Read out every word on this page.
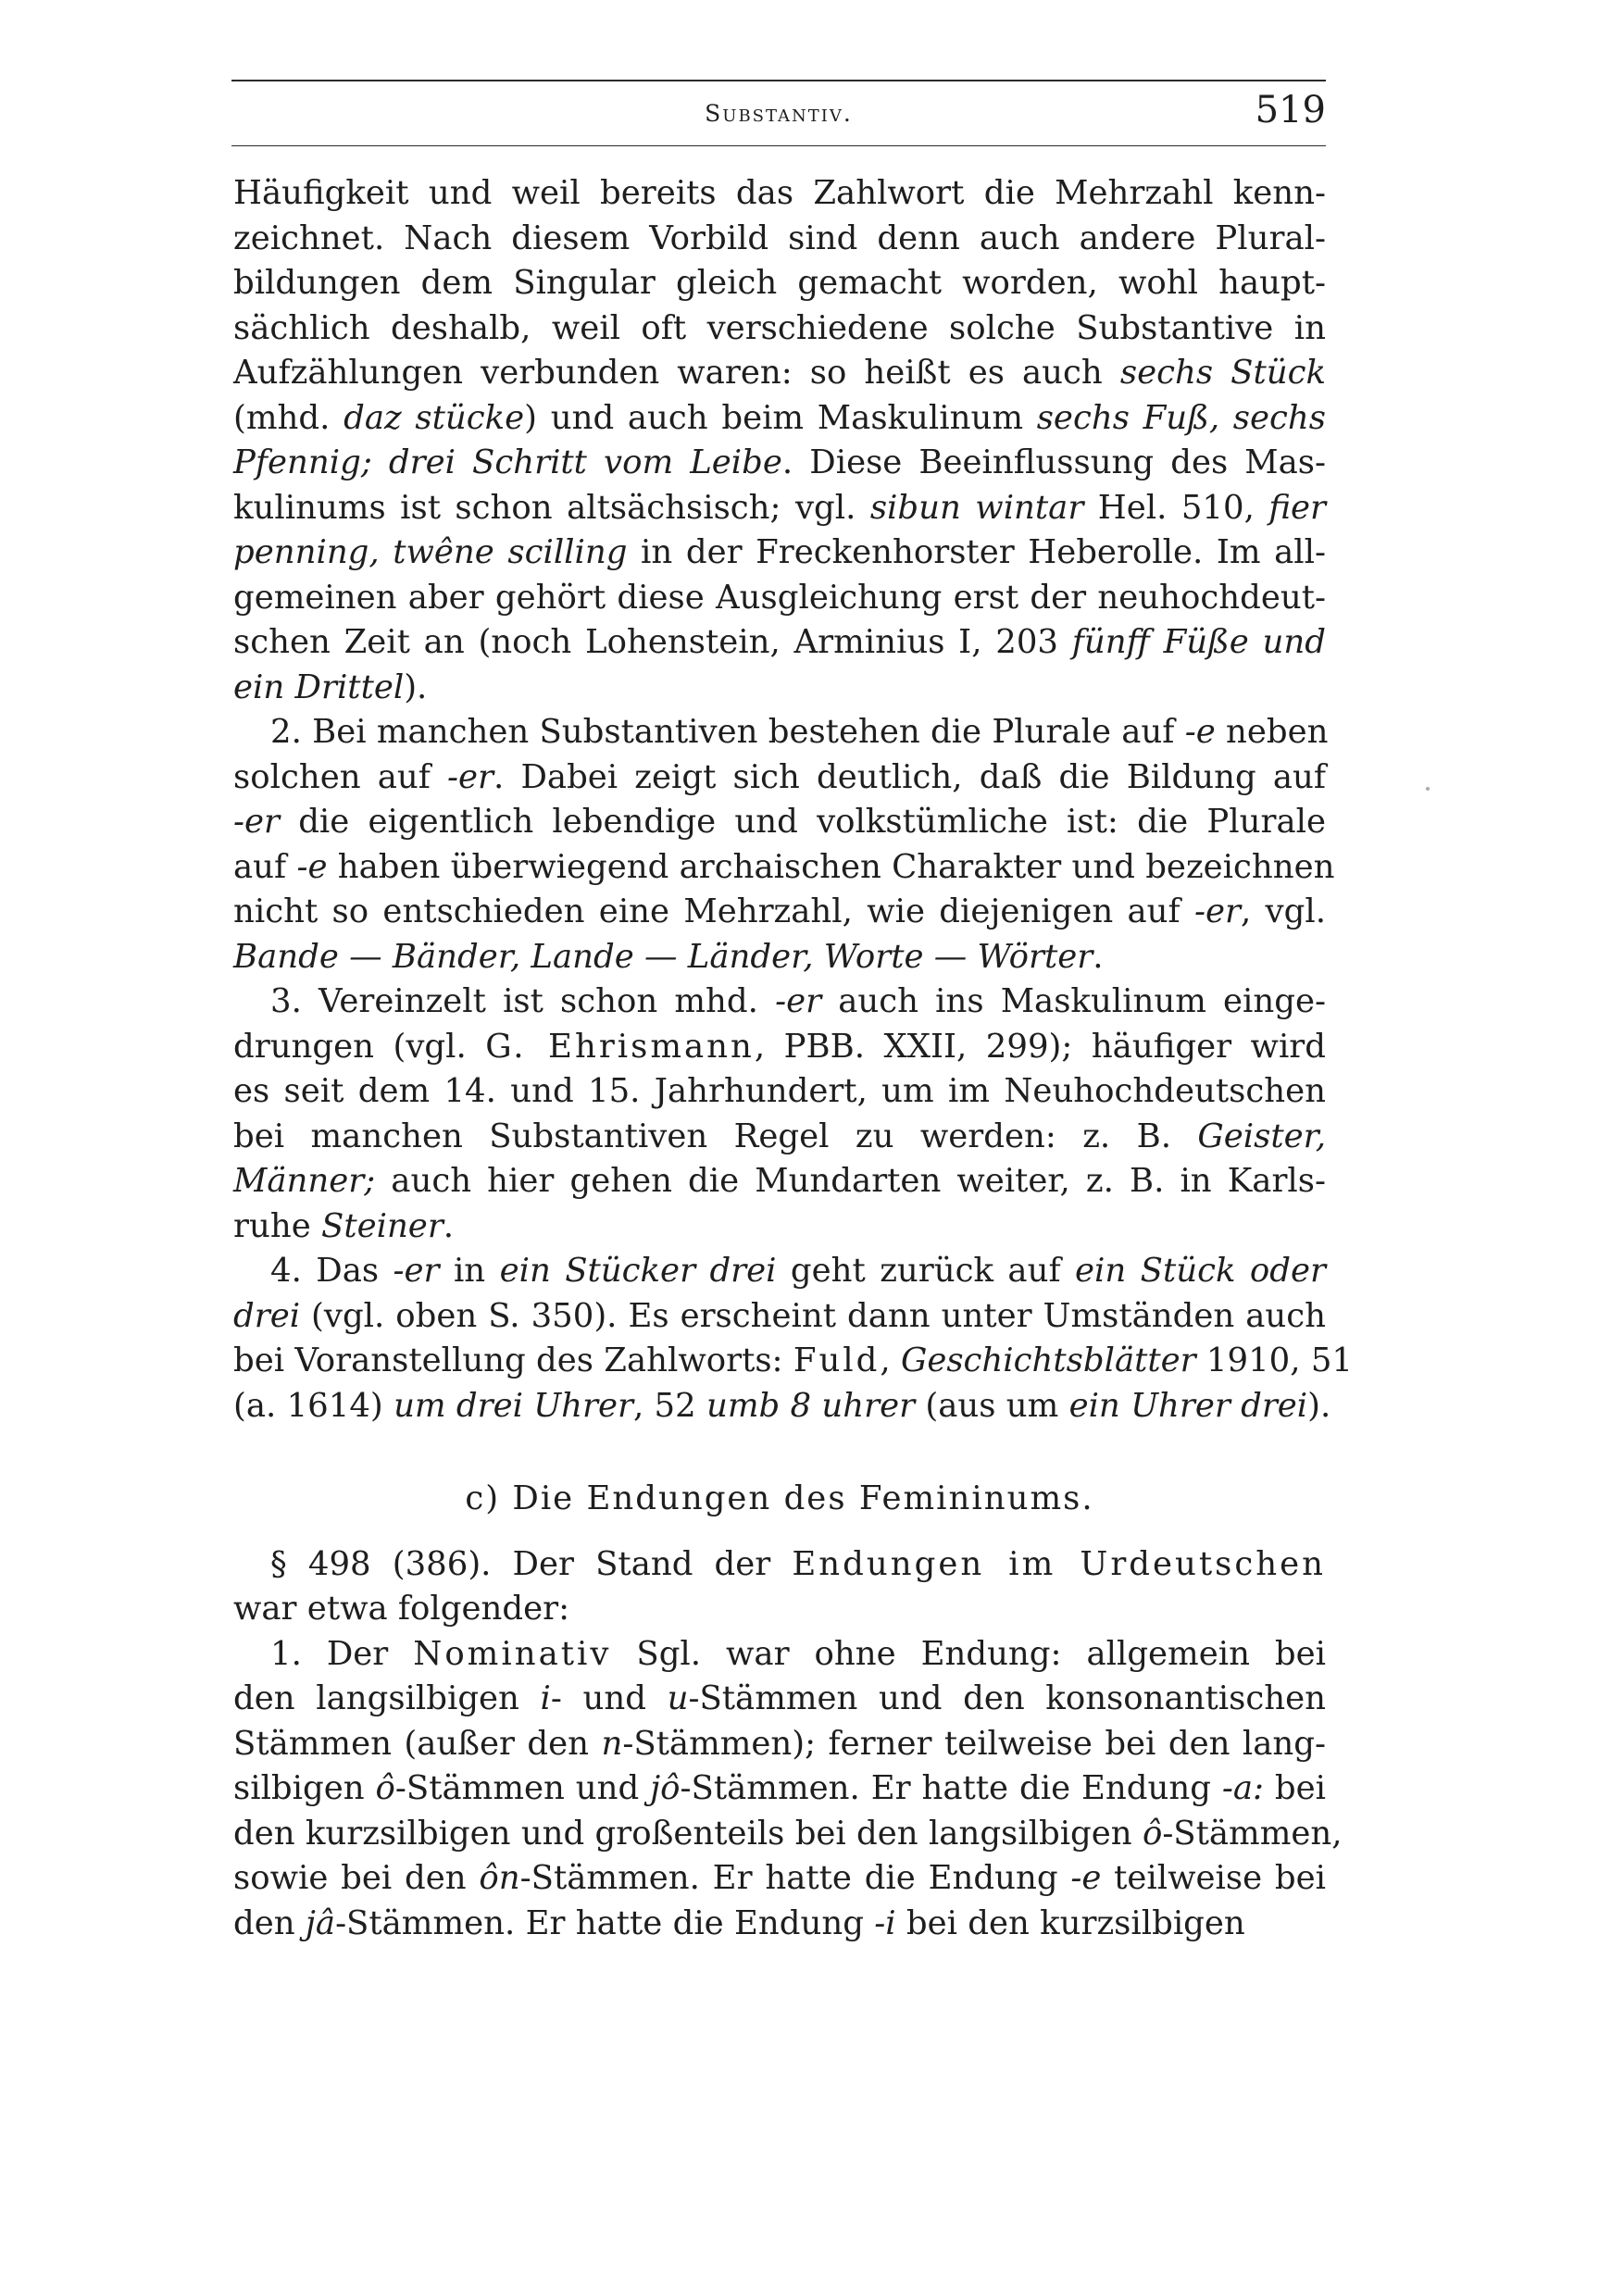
Substantiv.	519
Häufigkeit und weil bereits das Zahlwort die Mehrzahl kenn-
zeichnet. Nach diesem Vorbild sind denn auch andere Plural-
bildungen dem Singular gleich gemacht worden, wohl haupt-
sächlich deshalb, weil oft verschiedene solche Substantive in
Aufzählungen verbunden waren: so heißt es auch sechs Stück
(mhd. daz stücke) und auch beim Maskulinum sechs Fuß, sechs
Pfennig; drei Schritt vom Leibe. Diese Beeinflussung des Mas-
kulinums ist schon altsächsisch; vgl. sibun wintar Hel. 510, fier
penning, twêne scilling in der Freckenhorster Heberolle. Im all-
gemeinen aber gehört diese Ausgleichung erst der neuhochdeut-
schen Zeit an (noch Lohenstein, Arminius I, 203 fünff Füße und
ein Drittel).
2. Bei manchen Substantiven bestehen die Plurale auf -e neben
solchen auf -er. Dabei zeigt sich deutlich, daß die Bildung auf
-er die eigentlich lebendige und volkstümliche ist: die Plurale
auf -e haben überwiegend archaischen Charakter und bezeichnen
nicht so entschieden eine Mehrzahl, wie diejenigen auf -er, vgl.
Bande — Bänder, Lande — Länder, Worte — Wörter.
3. Vereinzelt ist schon mhd. -er auch ins Maskulinum einge-
drungen (vgl. G. Ehrismann, PBB. XXII, 299); häufiger wird
es seit dem 14. und 15. Jahrhundert, um im Neuhochdeutschen
bei manchen Substantiven Regel zu werden: z. B. Geister,
Männer; auch hier gehen die Mundarten weiter, z. B. in Karls-
ruhe Steiner.
4. Das -er in ein Stücker drei geht zurück auf ein Stück oder
drei (vgl. oben S. 350). Es erscheint dann unter Umständen auch
bei Voranstellung des Zahlworts: Fuld, Geschichtsblätter 1910, 51
(a. 1614) um drei Uhrer, 52 umb 8 uhrer (aus um ein Uhrer drei).
c) Die Endungen des Femininums.
§ 498 (386). Der Stand der Endungen im Urdeutschen
war etwa folgender:
1. Der Nominativ Sgl. war ohne Endung: allgemein bei
den langsilbigen i- und u-Stämmen und den konsonantischen
Stämmen (außer den n-Stämmen); ferner teilweise bei den lang-
silbigen ô-Stämmen und jô-Stämmen. Er hatte die Endung -a: bei
den kurzsilbigen und großenteils bei den langsilbigen ô-Stämmen,
sowie bei den ôn-Stämmen. Er hatte die Endung -e teilweise bei
den jâ-Stämmen. Er hatte die Endung -i bei den kurzsilbigen
